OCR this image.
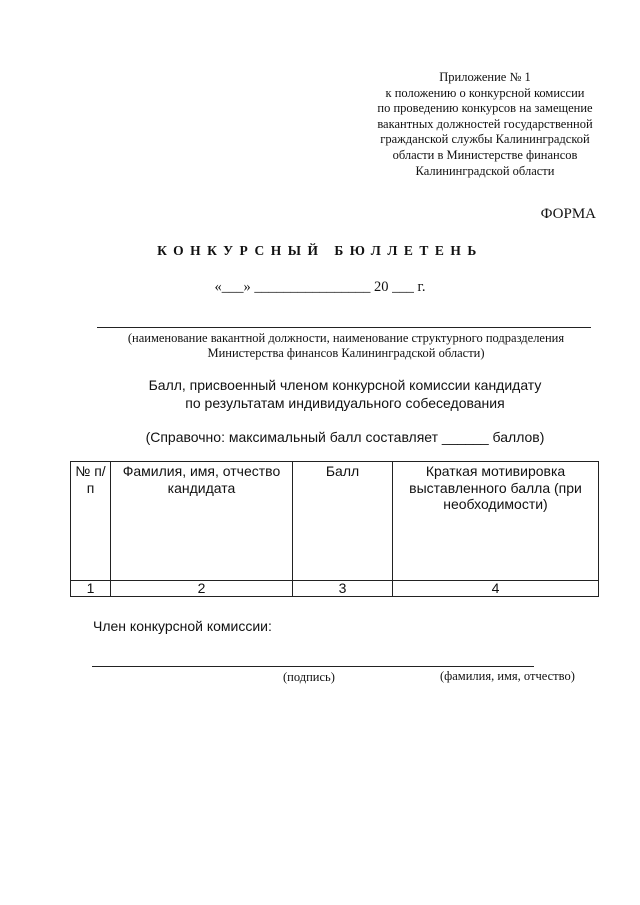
Приложение № 1
к положению о конкурсной комиссии
по проведению конкурсов на замещение
вакантных должностей государственной
гражданской службы Калининградской
области в Министерстве финансов
Калининградской области
ФОРМА
КОНКУРСНЫЙ БЮЛЛЕТЕНЬ
«___» ________________ 20 ___ г.
(наименование вакантной должности, наименование структурного подразделения
Министерства финансов Калининградской области)
Балл, присвоенный членом конкурсной комиссии кандидату
по результатам индивидуального собеседования
(Справочно: максимальный балл составляет ______ баллов)
№ п/п	Фамилия, имя, отчество кандидата	Балл	Краткая мотивировка выставленного балла (при необходимости)
1	2	3	4
Член конкурсной комиссии:
(подпись)	(фамилия, имя, отчество)
